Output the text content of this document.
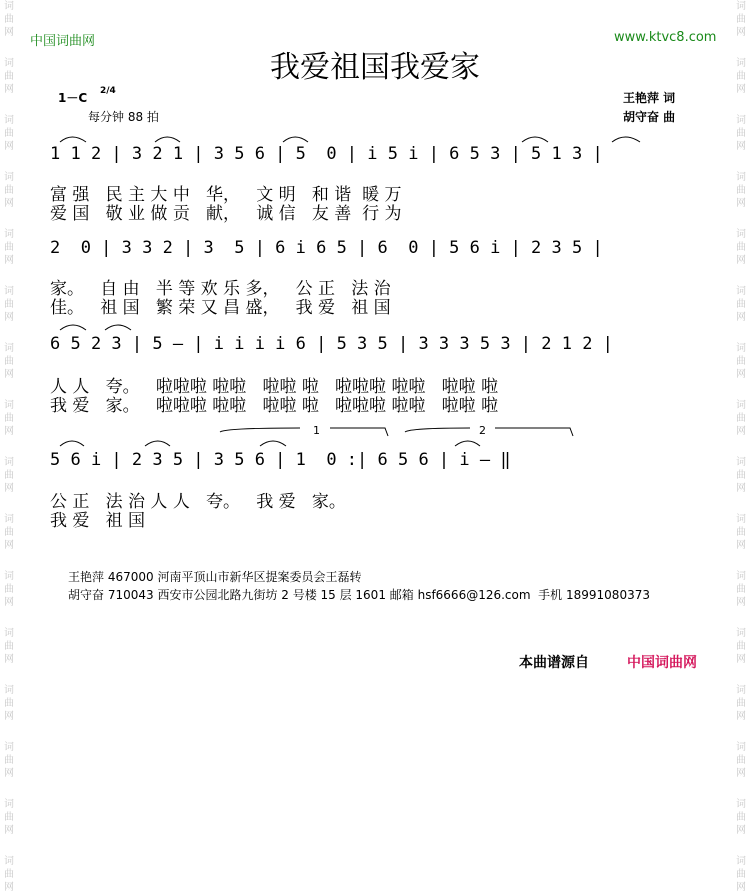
词
曲
网
词
曲
网
词
曲
网
词
曲
网
词
曲
网
词
曲
网
词
曲
网
词
曲
网
词
曲
网
词
曲
网
词
曲
网
词
曲
网
词
曲
网
词
曲
网
词
曲
网
词
曲
网
词
曲
网
词
曲
网
词
曲
网
词
曲
网
词
曲
网
词
曲
网
词
曲
网
词
曲
网
词
曲
网
词
曲
网
词
曲
网
词
曲
网
词
曲
网
词
曲
网
词
曲
网
词
曲
网
中国词曲网	www.ktvc8.com
我爱祖国我爱家
1－C 2/4
每分钟 88 拍
王艳萍 词
胡守奋 曲
1 1 2 | 3 2 1 | 3 5 6 | 5  0 | i 5 i | 6 5 3 | 5 1 3 |
富 强   民 主 大 中   华，   文 明   和 谐  暖 万
爱 国   敬 业 做 贡   献，   诚 信   友 善  行 为
2  0 | 3 3 2 | 3  5 | 6 i 6 5 | 6  0 | 5 6 i | 2 3 5 |
家。   自 由   半 等 欢 乐 多，   公 正   法 治
佳。   祖 国   繁 荣 又 昌 盛，   我 爱   祖 国
6 5 2 3 | 5 — | i i i i 6 | 5 3 5 | 3 3 3 5 3 | 2 1 2 |
人 人   夸。   啦啦啦 啦啦   啦啦 啦   啦啦啦 啦啦   啦啦 啦
我 爱   家。   啦啦啦 啦啦   啦啦 啦   啦啦啦 啦啦   啦啦 啦
1	2
5 6 i | 2 3 5 | 3 5 6 | 1  0 :| 6 5 6 | i — ‖
公 正   法 治 人 人   夸。   我 爱   家。
我 爱   祖 国
王艳萍 467000 河南平顶山市新华区提案委员会王磊转
胡守奋 710043 西安市公园北路九街坊 2 号楼 15 层 1601 邮箱 hsf6666@126.com  手机 18991080373
本曲谱源自	中国词曲网
